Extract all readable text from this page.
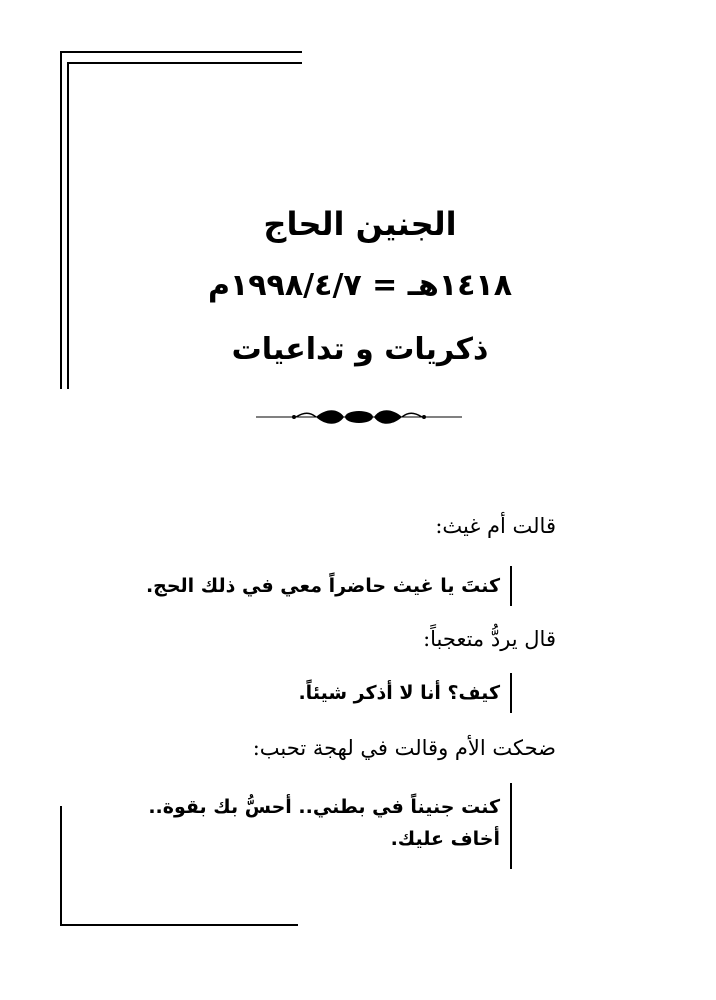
الجنين الحاج
١٤١٨هـ = ١٩٩٨/٤/٧م
ذكريات و تداعيات
قالت أم غيث:
كنتَ يا غيث حاضراً معي في ذلك الحج.
قال يردُّ متعجباً:
كيف؟ أنا لا أذكر شيئاً.
ضحكت الأم وقالت في لهجة تحبب:
كنت جنيناً في بطني.. أحسُّ بك بقوة..
أخاف عليك.
